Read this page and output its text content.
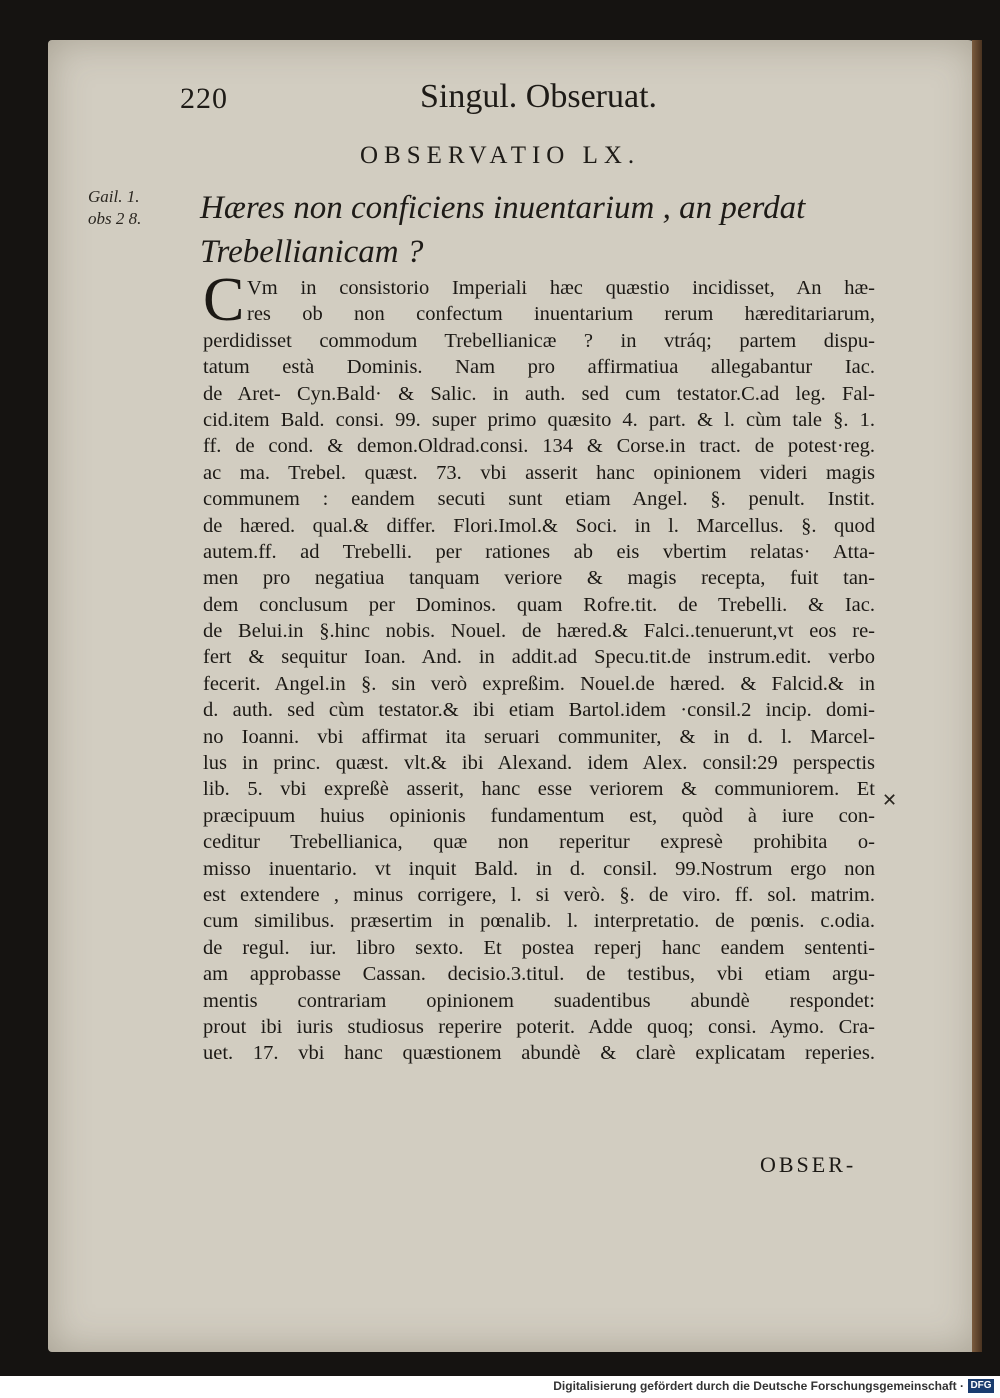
220	Singul. Obseruat.
OBSERVATIO LX.
Gail. 1.
obs 2 8.	Hæres non conficiens inuentarium , an perdat
Trebellianicam ?
C Vm in consistorio Imperiali hæc quæstio incidisset, An hæ-
res ob non confectum inuentarium rerum hæreditariarum,
perdidisset commodum Trebellianicæ ? in vtráq; partem dispu-
tatum està Dominis. Nam pro affirmatiua allegabantur Iac.
de Aret- Cyn.Bald· & Salic. in auth. sed cum testator.C.ad leg. Fal-
cid.item Bald. consi. 99. super primo quæsito 4. part. & l. cùm tale §. 1.
ff. de cond. & demon.Oldrad.consi. 134 & Corse.in tract. de potest·reg.
ac ma. Trebel. quæst. 73. vbi asserit hanc opinionem videri magis
communem : eandem secuti sunt etiam Angel. §. penult. Instit.
de hæred. qual.& differ. Flori.Imol.& Soci. in l. Marcellus. §. quod
autem.ff. ad Trebelli. per rationes ab eis vbertim relatas· Atta-
men pro negatiua tanquam veriore & magis recepta, fuit tan-
dem conclusum per Dominos. quam Rofre.tit. de Trebelli. & Iac.
de Belui.in §.hinc nobis. Nouel. de hæred.& Falci..tenuerunt,vt eos re-
fert & sequitur Ioan. And. in addit.ad Specu.tit.de instrum.edit. verbo
fecerit. Angel.in §. sin verò expreßim. Nouel.de hæred. & Falcid.& in
d. auth. sed cùm testator.& ibi etiam Bartol.idem ·consil.2 incip. domi-
no Ioanni. vbi affirmat ita seruari communiter, & in d. l. Marcel-
lus in princ. quæst. vlt.& ibi Alexand. idem Alex. consil:29 perspectis
lib. 5. vbi expreßè asserit, hanc esse veriorem & communiorem. Et
præcipuum huius opinionis fundamentum est, quòd à iure con-
ceditur Trebellianica, quæ non reperitur expresè prohibita o-
misso inuentario. vt inquit Bald. in d. consil. 99.Nostrum ergo non
est extendere , minus corrigere, l. si verò. §. de viro. ff. sol. matrim.
cum similibus. præsertim in pœnalib. l. interpretatio. de pœnis. c.odia.
de regul. iur. libro sexto. Et postea reperj hanc eandem sententi-
am approbasse Cassan. decisio.3.titul. de testibus, vbi etiam argu-
mentis contrariam opinionem suadentibus abundè respondet:
prout ibi iuris studiosus reperire poterit. Adde quoq; consi. Aymo. Cra-
uet. 17. vbi hanc quæstionem abundè & clarè explicatam reperies.
✕
OBSER-
Digitalisierung gefördert durch die Deutsche Forschungsgemeinschaft · DFG
